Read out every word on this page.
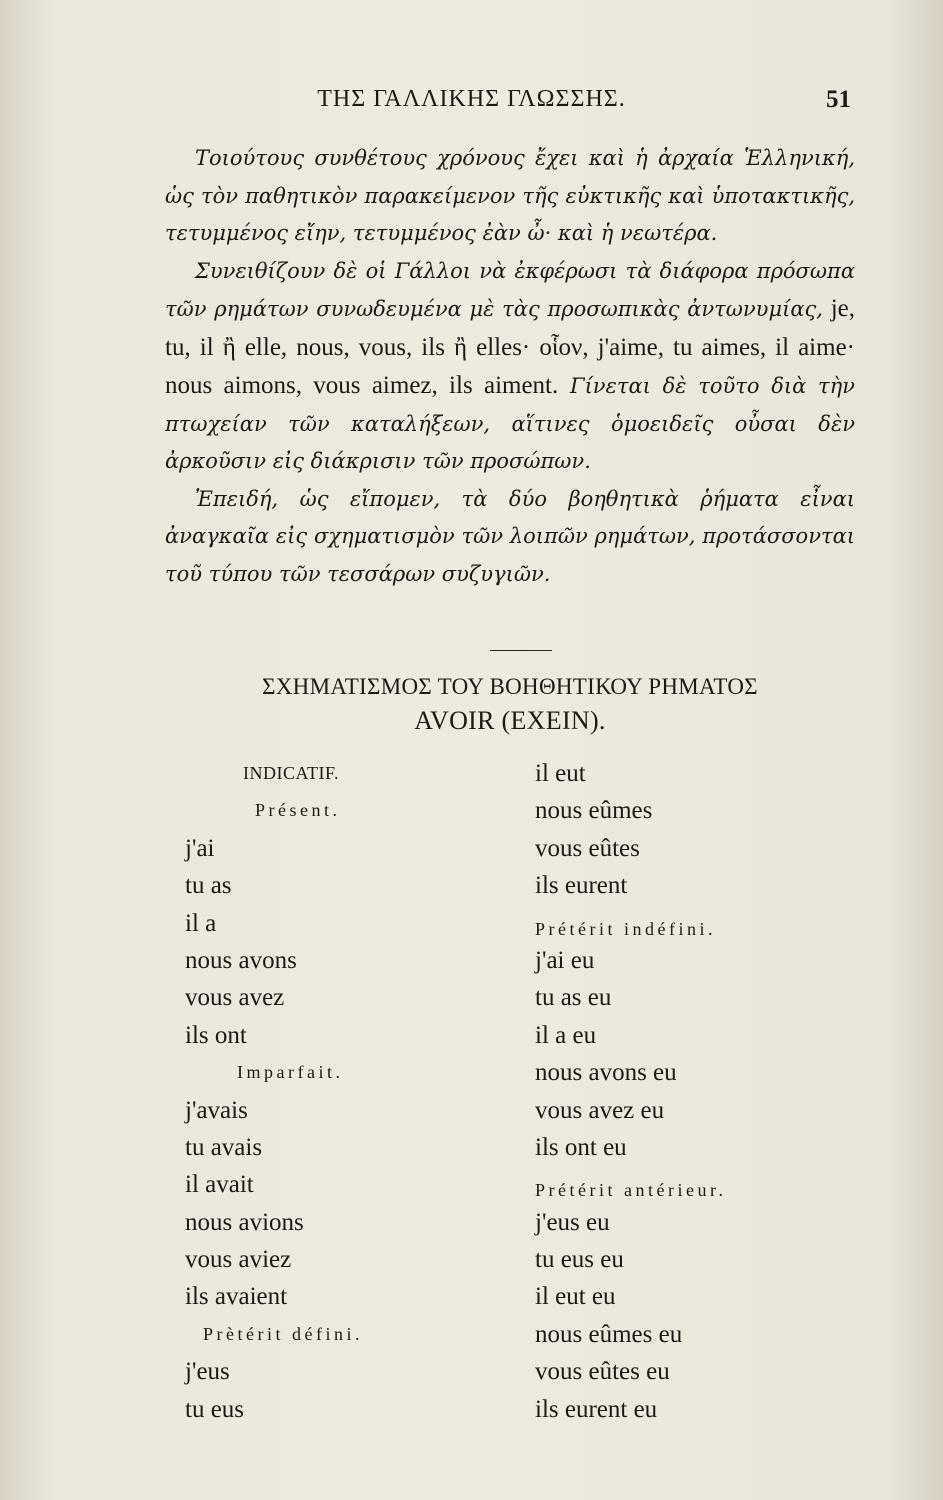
ΤΗΣ ΓΑΛΛΙΚΗΣ ΓΛΩΣΣΗΣ.	51

Τοιούτους συνθέτους χρόνους ἔχει καὶ ἡ ἀρχαία Ἑλληνική, ὡς τὸν παθητικὸν παρακείμενον τῆς εὐκτικῆς καὶ ὑποτακτικῆς, τετυμμένος εἴην, τετυμμένος ἐὰν ὦ· καὶ ἡ νεωτέρα.

Συνειθίζουν δὲ οἱ Γάλλοι νὰ ἐκφέρωσι τὰ διάφορα πρόσωπα τῶν ρημάτων συνωδευμένα μὲ τὰς προσωπικὰς ἀντωνυμίας, je, tu, il ἢ elle, nous, vous, ils ἢ elles· οἷον, j'aime, tu aimes, il aime· nous aimons, vous aimez, ils aiment. Γίνεται δὲ τοῦτο διὰ τὴν πτωχείαν τῶν καταλήξεων, αἵτινες ὁμοειδεῖς οὖσαι δὲν ἀρκοῦσιν εἰς διάκρισιν τῶν προσώπων.

Ἐπειδή, ὡς εἴπομεν, τὰ δύο βοηθητικὰ ῥήματα εἶναι ἀναγκαῖα εἰς σχηματισμὸν τῶν λοιπῶν ρημάτων, προτάσσονται τοῦ τύπου τῶν τεσσάρων συζυγιῶν.

ΣΧΗΜΑΤΙΣΜΟΣ ΤΟΥ ΒΟΗΘΗΤΙΚΟΥ ΡΗΜΑΤΟΣ
AVOIR (ΕΧΕΙΝ).
INDICATIF.
Présent.
j'ai
tu as
il a
nous avons
vous avez
ils ont
Imparfait.
j'avais
tu avais
il avait
nous avions
vous aviez
ils avaient
Prètérit défini.
j'eus
tu eus
il eut
nous eûmes
vous eûtes
ils eurent
Prétérit indéfini.
j'ai eu
tu as eu
il a eu
nous avons eu
vous avez eu
ils ont eu
Prétérit antérieur.
j'eus eu
tu eus eu
il eut eu
nous eûmes eu
vous eûtes eu
ils eurent eu
